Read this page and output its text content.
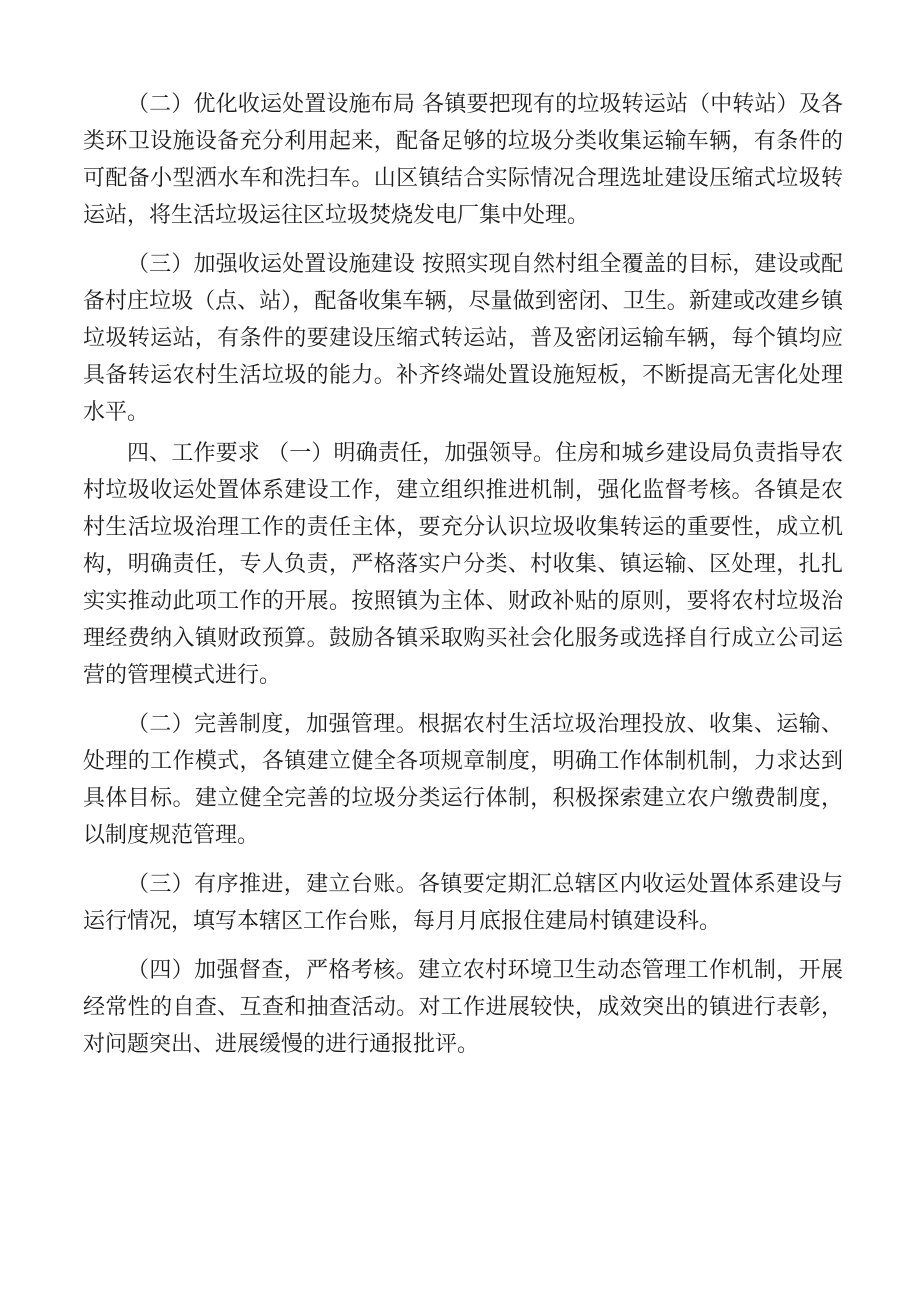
（二）优化收运处置设施布局 各镇要把现有的垃圾转运站（中转站）及各类环卫设施设备充分利用起来，配备足够的垃圾分类收集运输车辆，有条件的可配备小型洒水车和洗扫车。山区镇结合实际情况合理选址建设压缩式垃圾转运站，将生活垃圾运往区垃圾焚烧发电厂集中处理。

（三）加强收运处置设施建设 按照实现自然村组全覆盖的目标，建设或配备村庄垃圾（点、站），配备收集车辆，尽量做到密闭、卫生。新建或改建乡镇垃圾转运站，有条件的要建设压缩式转运站，普及密闭运输车辆，每个镇均应具备转运农村生活垃圾的能力。补齐终端处置设施短板，不断提高无害化处理水平。

四、工作要求 （一）明确责任，加强领导。住房和城乡建设局负责指导农村垃圾收运处置体系建设工作，建立组织推进机制，强化监督考核。各镇是农村生活垃圾治理工作的责任主体，要充分认识垃圾收集转运的重要性，成立机构，明确责任，专人负责，严格落实户分类、村收集、镇运输、区处理，扎扎实实推动此项工作的开展。按照镇为主体、财政补贴的原则，要将农村垃圾治理经费纳入镇财政预算。鼓励各镇采取购买社会化服务或选择自行成立公司运营的管理模式进行。

（二）完善制度，加强管理。根据农村生活垃圾治理投放、收集、运输、处理的工作模式，各镇建立健全各项规章制度，明确工作体制机制，力求达到具体目标。建立健全完善的垃圾分类运行体制，积极探索建立农户缴费制度，以制度规范管理。

（三）有序推进，建立台账。各镇要定期汇总辖区内收运处置体系建设与运行情况，填写本辖区工作台账，每月月底报住建局村镇建设科。

（四）加强督查，严格考核。建立农村环境卫生动态管理工作机制，开展经常性的自查、互查和抽查活动。对工作进展较快，成效突出的镇进行表彰，对问题突出、进展缓慢的进行通报批评。
